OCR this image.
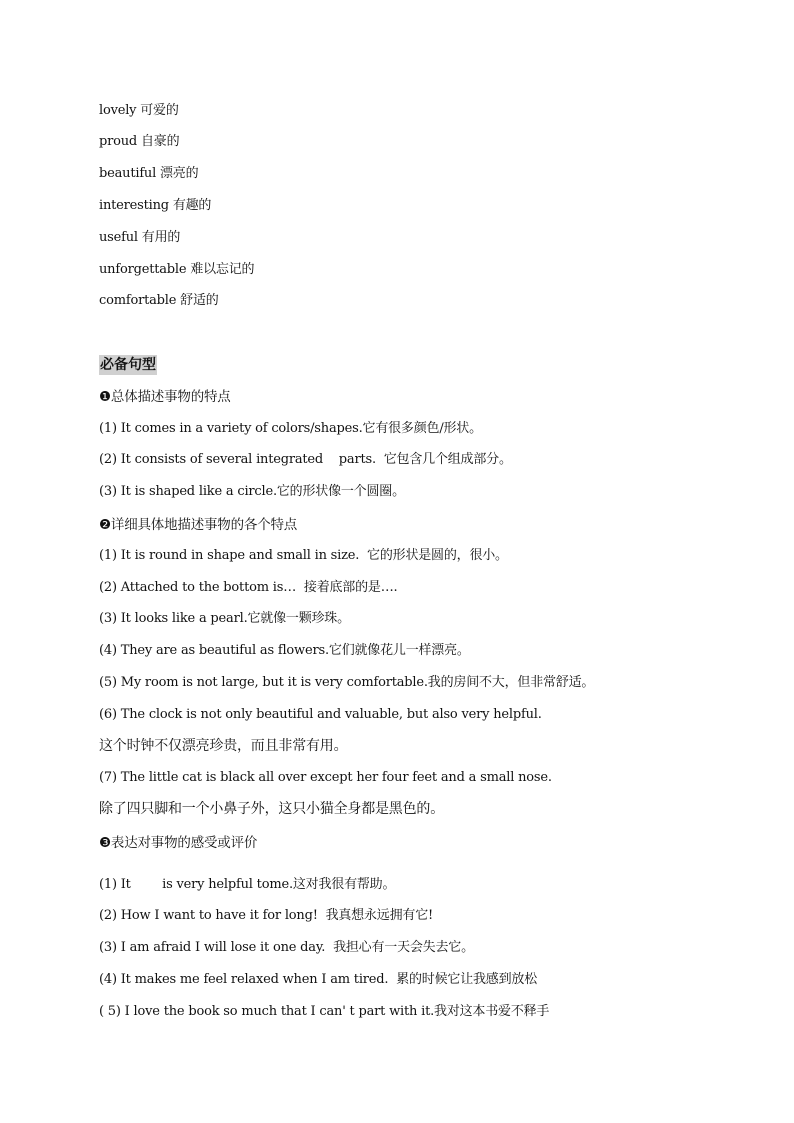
lovely 可爱的
proud 自豪的
beautiful 漂亮的
interesting 有趣的
useful 有用的
unforgettable 难以忘记的
comfortable 舒适的
必备句型
❶总体描述事物的特点
(1) It comes in a variety of colors/shapes.它有很多颜色/形状。
(2) It consists of several integrated    parts.  它包含几个组成部分。
(3) It is shaped like a circle.它的形状像一个圆圈。
❷详细具体地描述事物的各个特点
(1) It is round in shape and small in size.  它的形状是圆的，很小。
(2) Attached to the bottom is…  接着底部的是….
(3) It looks like a pearl.它就像一颗珍珠。
(4) They are as beautiful as flowers.它们就像花儿一样漂亮。
(5) My room is not large, but it is very comfortable.我的房间不大，但非常舒适。
(6) The clock is not only beautiful and valuable, but also very helpful.
这个时钟不仅漂亮珍贵，而且非常有用。
(7) The little cat is black all over except her four feet and a small nose.
除了四只脚和一个小鼻子外，这只小猫全身都是黑色的。
❸表达对事物的感受或评价
(1) It        is very helpful tome.这对我很有帮助。
(2) How I want to have it for long!  我真想永远拥有它!
(3) I am afraid I will lose it one day.  我担心有一天会失去它。
(4) It makes me feel relaxed when I am tired.  累的时候它让我感到放松
( 5) I love the book so much that I can' t part with it.我对这本书爱不释手
